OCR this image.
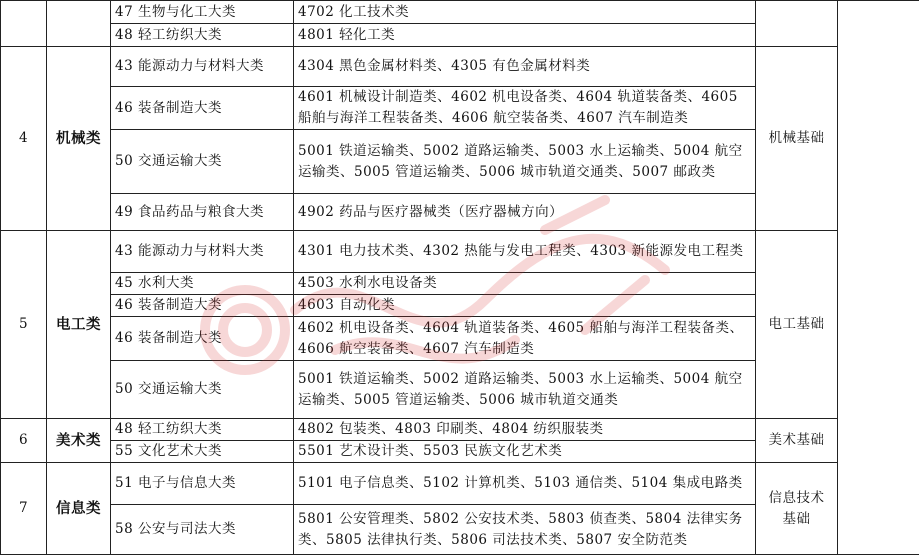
		47 生物与化工大类	4702 化工技术类		
		48 轻工纺织大类	4801 轻化工类		
4	机械类	43 能源动力与材料大类	4304 黑色金属材料类、4305 有色金属材料类	机械基础	
		46 装备制造大类	4601 机械设计制造类、4602 机电设备类、4604 轨道装备类、4605 船舶与海洋工程装备类、4606 航空装备类、4607 汽车制造类		
		50 交通运输大类	5001 铁道运输类、5002 道路运输类、5003 水上运输类、5004 航空运输类、5005 管道运输类、5006 城市轨道交通类、5007 邮政类		
		49 食品药品与粮食大类	4902 药品与医疗器械类（医疗器械方向）		
5	电工类	43 能源动力与材料大类	4301 电力技术类、4302 热能与发电工程类、4303 新能源发电工程类	电工基础	
		45 水利大类	4503 水利水电设备类		
		46 装备制造大类	4603 自动化类		
		46 装备制造大类	4602 机电设备类、4604 轨道装备类、4605 船舶与海洋工程装备类、4606 航空装备类、4607 汽车制造类		
		50 交通运输大类	5001 铁道运输类、5002 道路运输类、5003 水上运输类、5004 航空运输类、5005 管道运输类、5006 城市轨道交通类		
6	美术类	48 轻工纺织大类	4802 包装类、4803 印刷类、4804 纺织服装类	美术基础	
		55 文化艺术大类	5501 艺术设计类、5503 民族文化艺术类		
7	信息类	51 电子与信息大类	5101 电子信息类、5102 计算机类、5103 通信类、5104 集成电路类	信息技术基础	
		58 公安与司法大类	5801 公安管理类、5802 公安技术类、5803 侦查类、5804 法律实务类、5805 法律执行类、5806 司法技术类、5807 安全防范类		
